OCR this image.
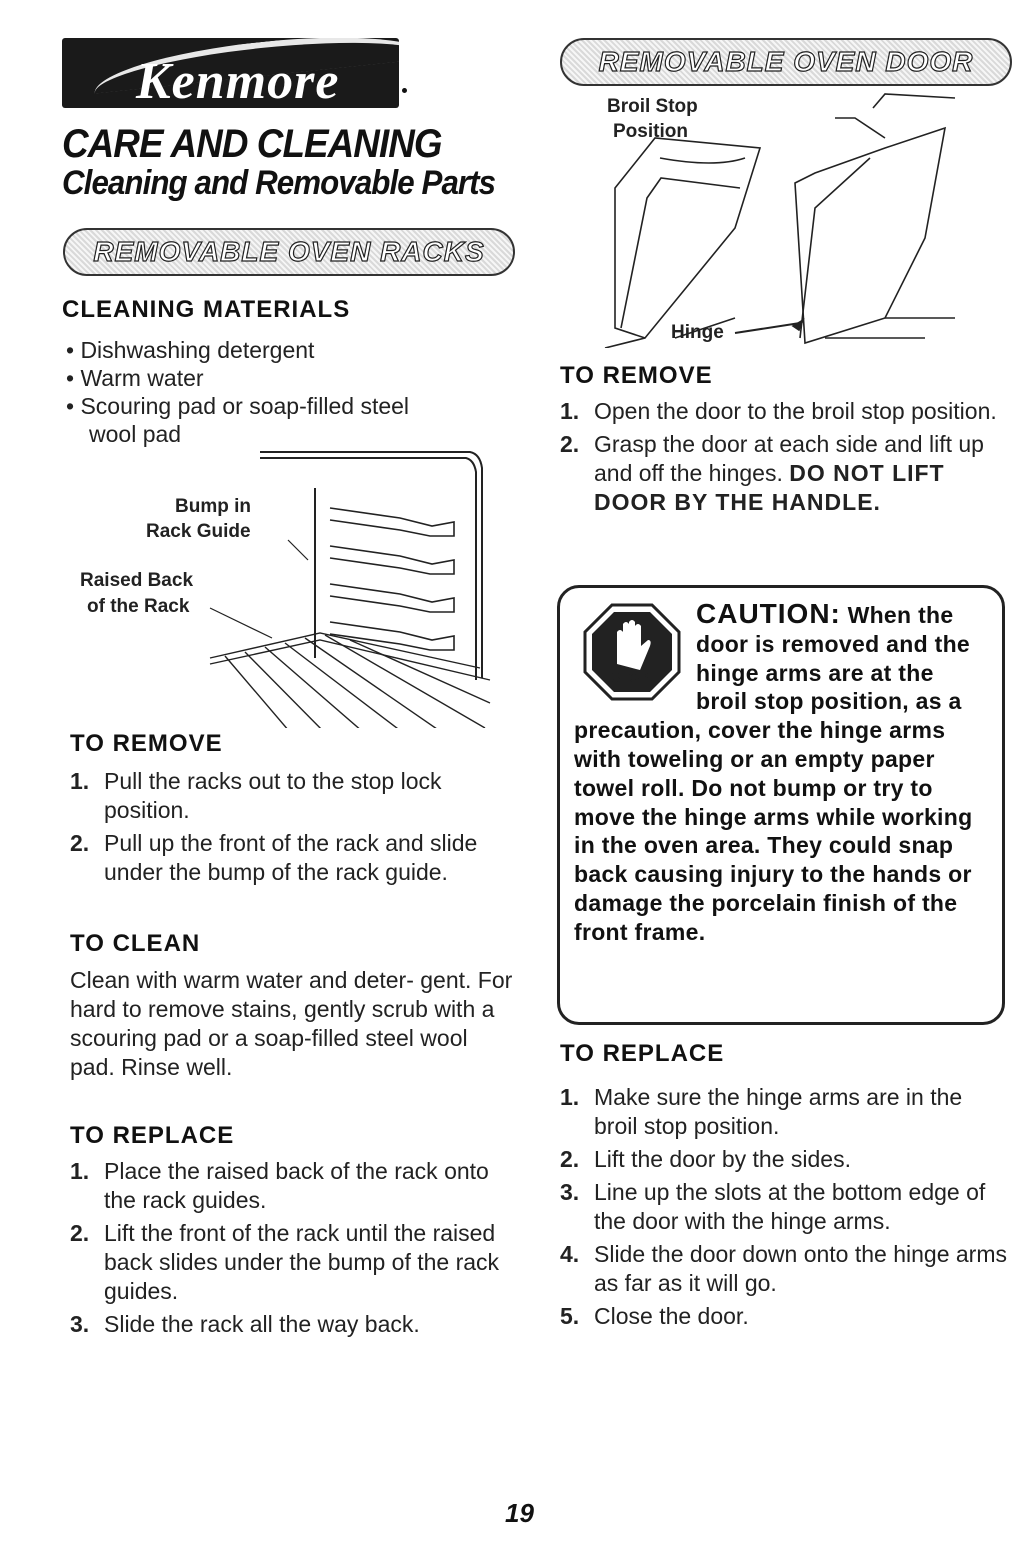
Kenmore
CARE AND CLEANING
Cleaning and Removable Parts
REMOVABLE OVEN RACKS
CLEANING MATERIALS
• Dishwashing detergent
• Warm water
• Scouring pad or soap-filled steel
wool pad
Bump in
Rack Guide
Raised Back
of the Rack
TO REMOVE
1. Pull the racks out to the stop lock position.
2. Pull up the front of the rack and slide under the bump of the rack guide.
TO CLEAN
Clean with warm water and deter- gent. For hard to remove stains, gently scrub with a scouring pad or a soap-filled steel wool pad. Rinse well.
TO REPLACE
1. Place the raised back of the rack onto the rack guides.
2. Lift the front of the rack until the raised back slides under the bump of the rack guides.
3. Slide the rack all the way back.
REMOVABLE OVEN DOOR
Broil Stop
Position
Hinge
TO REMOVE
1. Open the door to the broil stop position.
2. Grasp the door at each side and lift up and off the hinges. DO NOT LIFT DOOR BY THE HANDLE.
STOP!
CAUTION: When the door is removed and the hinge arms are at the broil stop position, as a precaution, cover the hinge arms with toweling or an empty paper towel roll. Do not bump or try to move the hinge arms while working in the oven area. They could snap back causing injury to the hands or damage the porcelain finish of the front frame.
TO REPLACE
1. Make sure the hinge arms are in the broil stop position.
2. Lift the door by the sides.
3. Line up the slots at the bottom edge of the door with the hinge arms.
4. Slide the door down onto the hinge arms as far as it will go.
5. Close the door.
19
